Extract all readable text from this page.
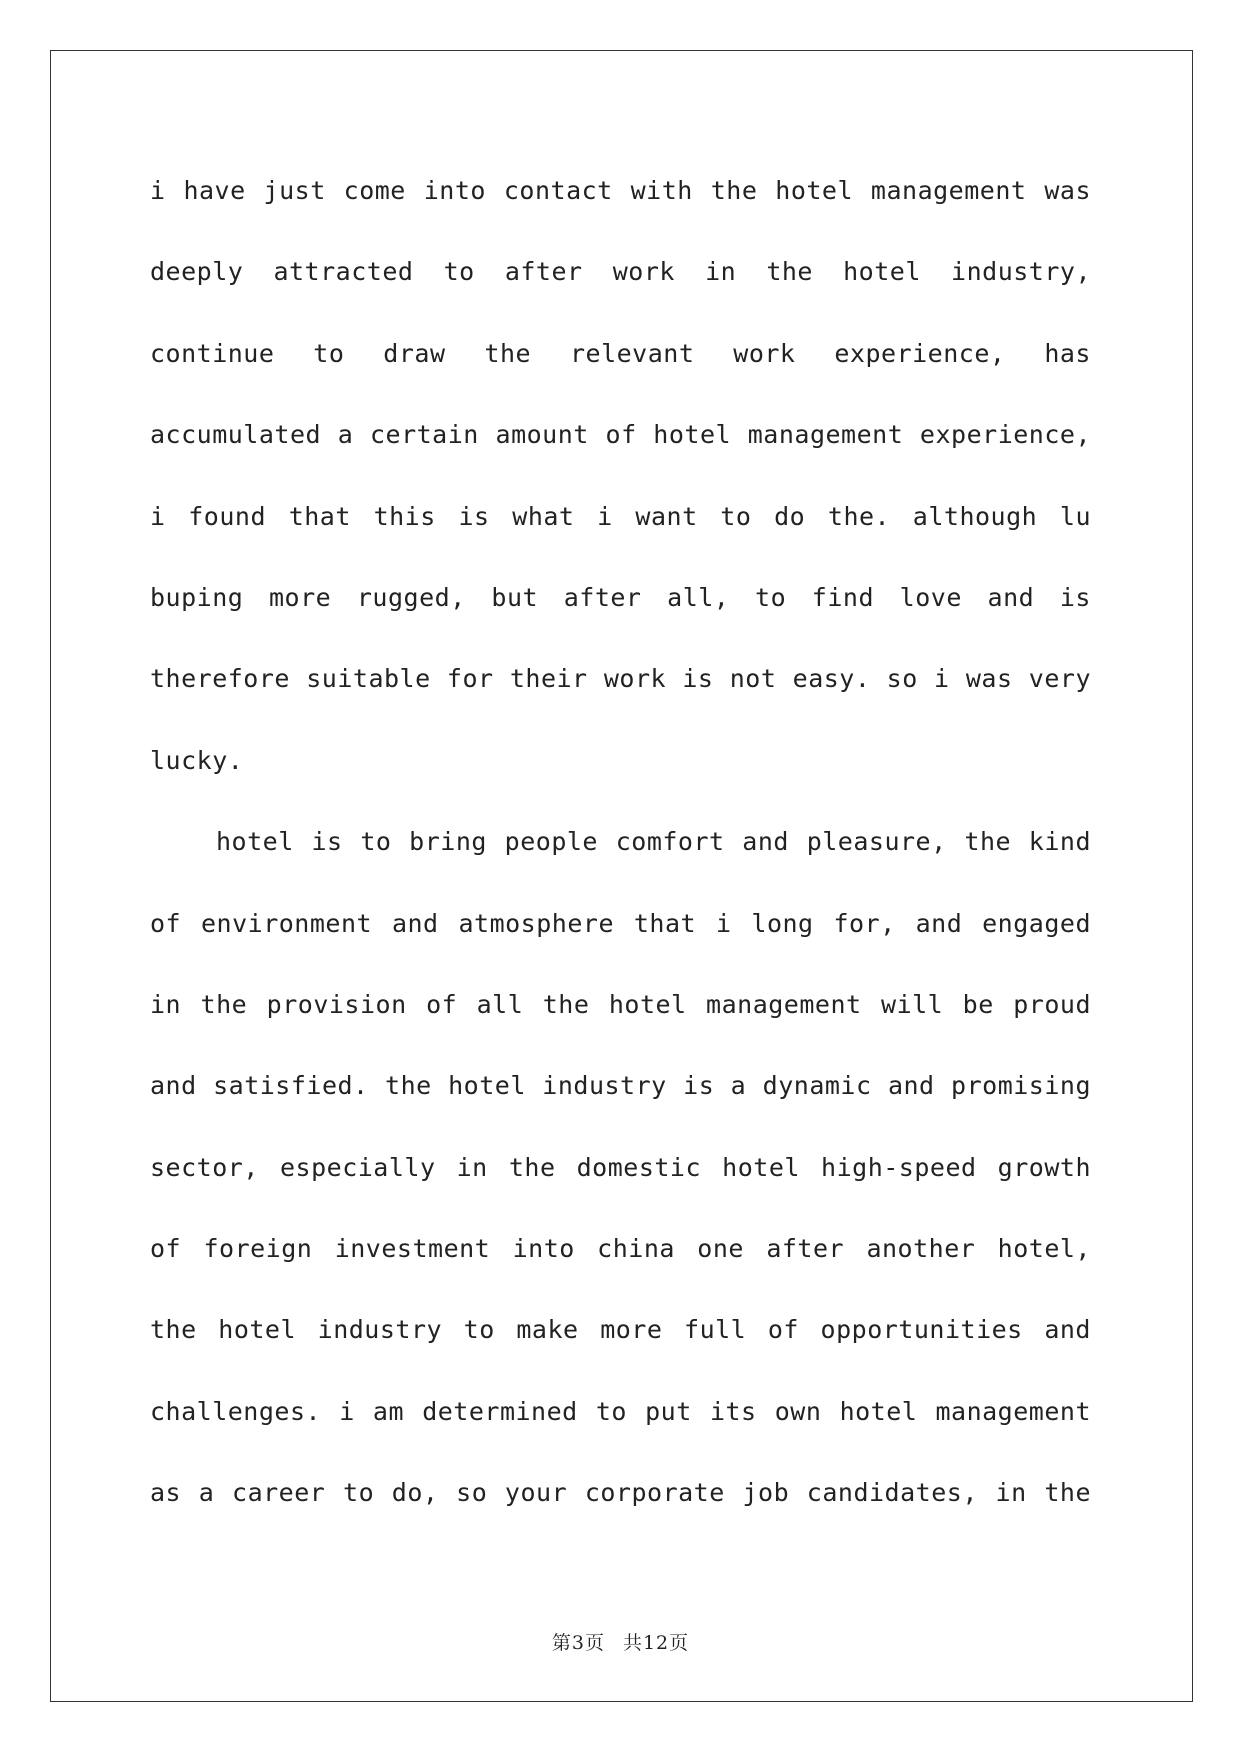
i have just come into contact with the hotel management was
deeply attracted to after work in the hotel industry,
continue to draw the relevant work experience, has
accumulated a certain amount of hotel management experience,
i found that this is what i want to do the. although lu
buping more rugged, but after all, to find love and is
therefore suitable for their work is not easy. so i was very
lucky.
hotel is to bring people comfort and pleasure, the kind
of environment and atmosphere that i long for, and engaged
in the provision of all the hotel management will be proud
and satisfied. the hotel industry is a dynamic and promising
sector, especially in the domestic hotel high-speed growth
of foreign investment into china one after another hotel,
the hotel industry to make more full of opportunities and
challenges. i am determined to put its own hotel management
as a career to do, so your corporate job candidates, in the
第3页 共12页
